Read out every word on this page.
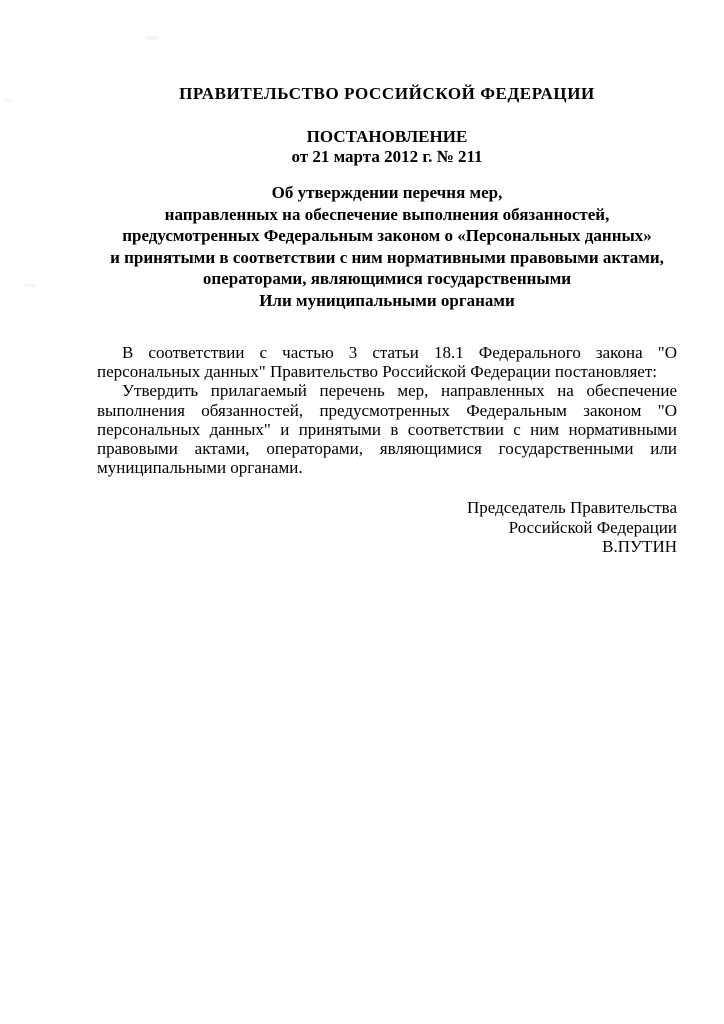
ПРАВИТЕЛЬСТВО РОССИЙСКОЙ ФЕДЕРАЦИИ
ПОСТАНОВЛЕНИЕ
от 21 марта 2012 г. № 211
Об утверждении перечня мер,
направленных на обеспечение выполнения обязанностей,
предусмотренных Федеральным законом о «Персональных данных»
и принятыми в соответствии с ним нормативными правовыми актами,
операторами, являющимися государственными
Или муниципальными органами

В соответствии с частью 3 статьи 18.1 Федерального закона "О персональных данных" Правительство Российской Федерации постановляет:

Утвердить прилагаемый перечень мер, направленных на обеспечение выполнения обязанностей, предусмотренных Федеральным законом "О персональных данных" и принятыми в соответствии с ним нормативными правовыми актами, операторами, являющимися государственными или муниципальными органами.

Председатель Правительства
Российской Федерации
В.ПУТИН
